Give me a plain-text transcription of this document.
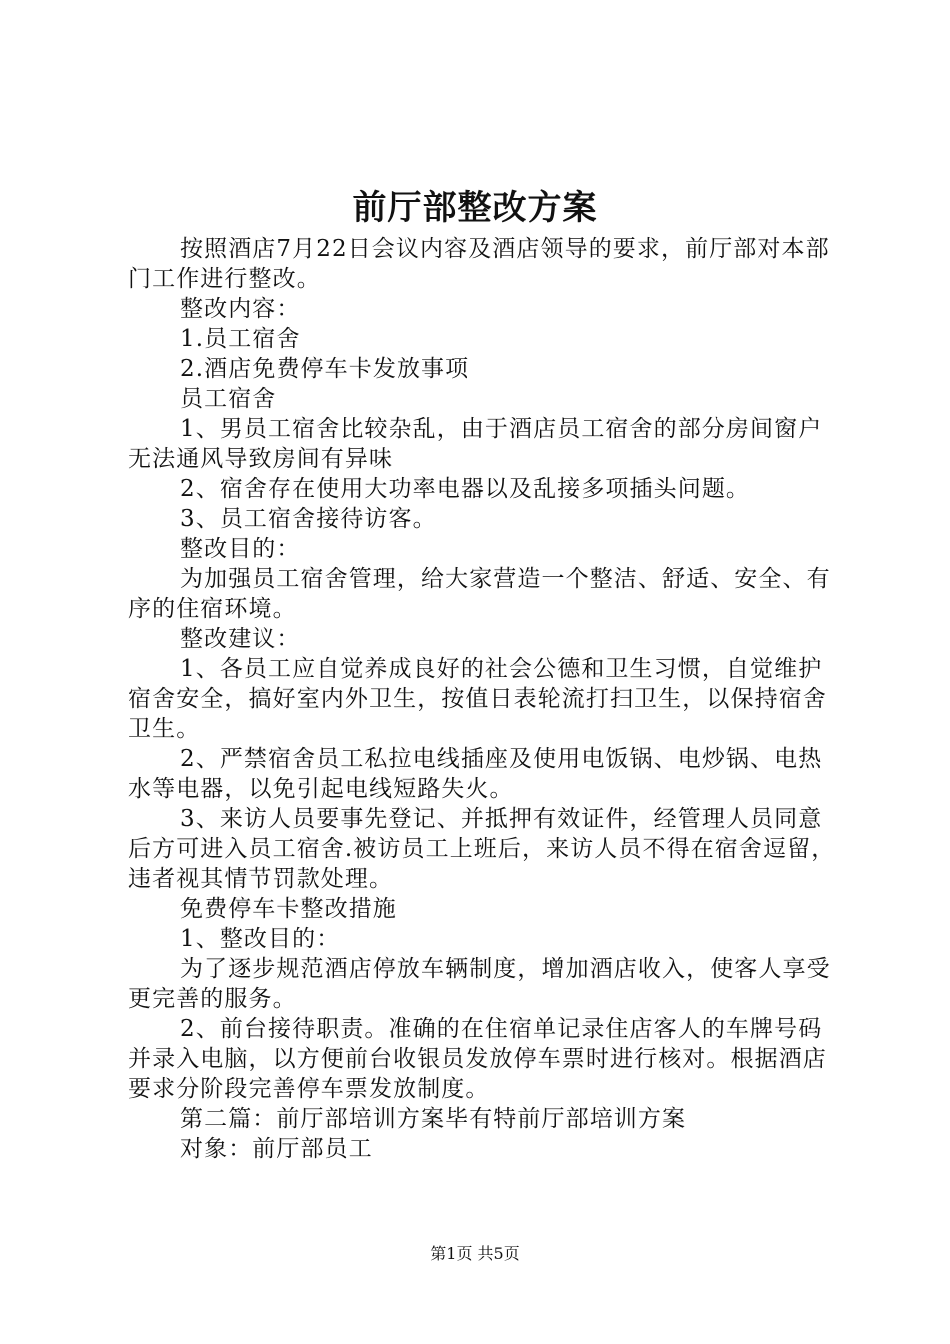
前厅部整改方案

按照酒店7月22日会议内容及酒店领导的要求，前厅部对本部门工作进行整改。

整改内容：

1.员工宿舍

2.酒店免费停车卡发放事项

员工宿舍

1、男员工宿舍比较杂乱，由于酒店员工宿舍的部分房间窗户无法通风导致房间有异味

2、宿舍存在使用大功率电器以及乱接多项插头问题。

3、员工宿舍接待访客。

整改目的：

为加强员工宿舍管理，给大家营造一个整洁、舒适、安全、有序的住宿环境。

整改建议：

1、各员工应自觉养成良好的社会公德和卫生习惯，自觉维护宿舍安全，搞好室内外卫生，按值日表轮流打扫卫生，以保持宿舍卫生。

2、严禁宿舍员工私拉电线插座及使用电饭锅、电炒锅、电热水等电器，以免引起电线短路失火。

3、来访人员要事先登记、并抵押有效证件，经管理人员同意后方可进入员工宿舍.被访员工上班后，来访人员不得在宿舍逗留，违者视其情节罚款处理。

免费停车卡整改措施

1、整改目的：

为了逐步规范酒店停放车辆制度，增加酒店收入，使客人享受更完善的服务。

2、前台接待职责。准确的在住宿单记录住店客人的车牌号码并录入电脑，以方便前台收银员发放停车票时进行核对。根据酒店要求分阶段完善停车票发放制度。

第二篇：前厅部培训方案毕有特前厅部培训方案

对象：前厅部员工

第1页 共5页
